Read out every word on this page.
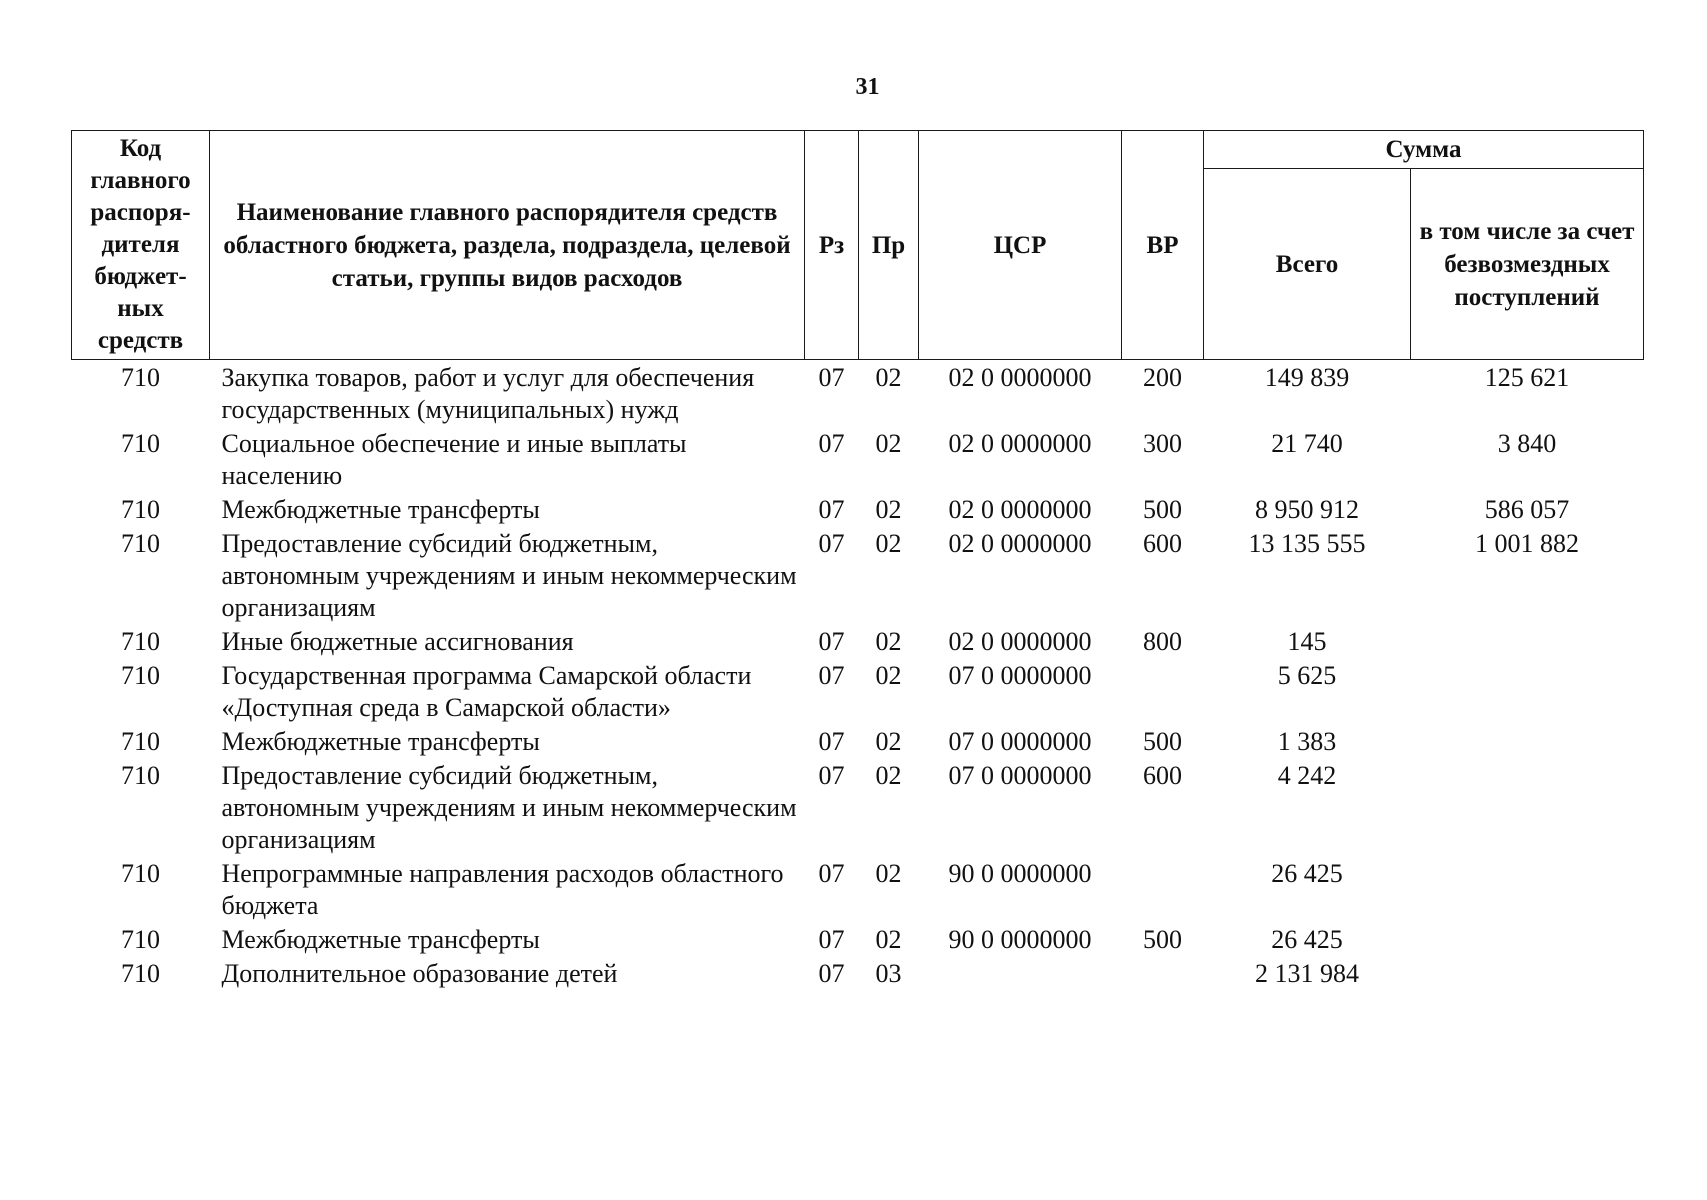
31
Код главного распоря-дителя бюджет-ных средств	Наименование главного распорядителя средств областного бюджета, раздела, подраздела, целевой статьи, группы видов расходов	Рз	Пр	ЦСР	ВР	Сумма	
						Всего	в том числе за счет безвозмездных поступлений
710	Закупка товаров, работ и услуг для обеспечения государственных (муниципальных) нужд	07	02	02 0 0000000	200	149 839	125 621
710	Социальное обеспечение и иные выплаты населению	07	02	02 0 0000000	300	21 740	3 840
710	Межбюджетные трансферты	07	02	02 0 0000000	500	8 950 912	586 057
710	Предоставление субсидий бюджетным, автономным учреждениям и иным некоммерческим организациям	07	02	02 0 0000000	600	13 135 555	1 001 882
710	Иные бюджетные ассигнования	07	02	02 0 0000000	800	145	
710	Государственная программа Самарской области «Доступная среда в Самарской области»	07	02	07 0 0000000		5 625	
710	Межбюджетные трансферты	07	02	07 0 0000000	500	1 383	
710	Предоставление субсидий бюджетным, автономным учреждениям и иным некоммерческим организациям	07	02	07 0 0000000	600	4 242	
710	Непрограммные направления расходов областного бюджета	07	02	90 0 0000000		26 425	
710	Межбюджетные трансферты	07	02	90 0 0000000	500	26 425	
710	Дополнительное образование детей	07	03			2 131 984	
